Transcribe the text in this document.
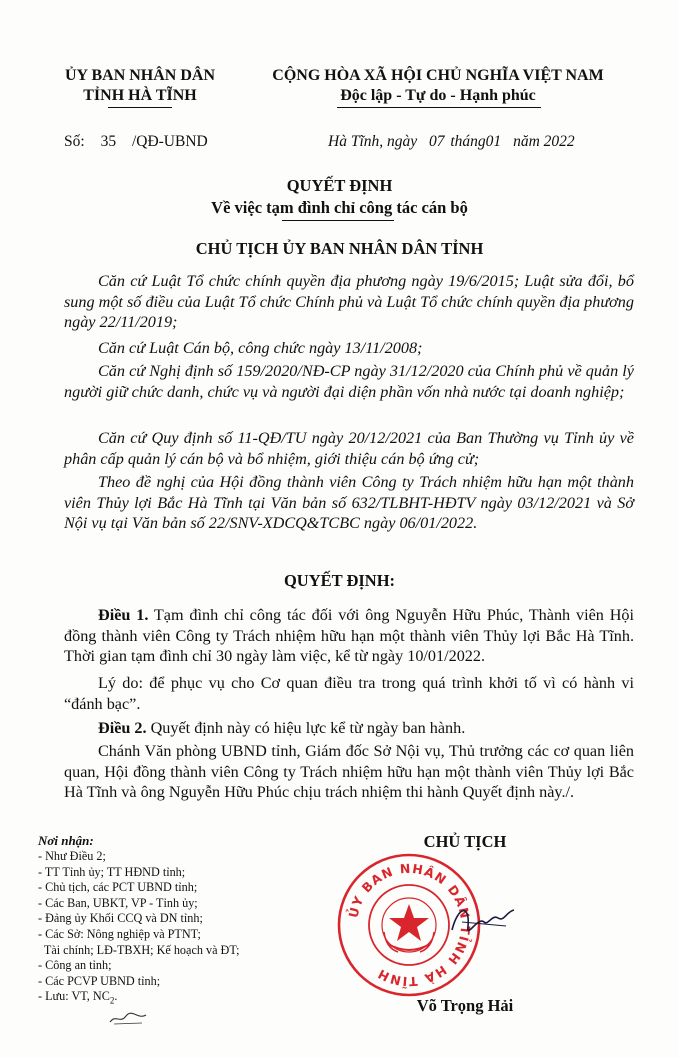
ỦY BAN NHÂN DÂN
TỈNH HÀ TĨNH
CỘNG HÒA XÃ HỘI CHỦ NGHĨA VIỆT NAM
Độc lập - Tự do - Hạnh phúc
Số: 35 /QĐ-UBND	Hà Tĩnh, ngày 07 tháng01 năm 2022
QUYẾT ĐỊNH
Về việc tạm đình chỉ công tác cán bộ
CHỦ TỊCH ỦY BAN NHÂN DÂN TỈNH
Căn cứ Luật Tổ chức chính quyền địa phương ngày 19/6/2015; Luật sửa đổi, bổ sung một số điều của Luật Tổ chức Chính phủ và Luật Tổ chức chính quyền địa phương ngày 22/11/2019;
Căn cứ Luật Cán bộ, công chức ngày 13/11/2008;
Căn cứ Nghị định số 159/2020/NĐ-CP ngày 31/12/2020 của Chính phủ về quản lý người giữ chức danh, chức vụ và người đại diện phần vốn nhà nước tại doanh nghiệp;
Căn cứ Quy định số 11-QĐ/TU ngày 20/12/2021 của Ban Thường vụ Tỉnh ủy về phân cấp quản lý cán bộ và bổ nhiệm, giới thiệu cán bộ ứng cử;
Theo đề nghị của Hội đồng thành viên Công ty Trách nhiệm hữu hạn một thành viên Thủy lợi Bắc Hà Tĩnh tại Văn bản số 632/TLBHT-HĐTV ngày 03/12/2021 và Sở Nội vụ tại Văn bản số 22/SNV-XDCQ&TCBC ngày 06/01/2022.
QUYẾT ĐỊNH:
Điều 1. Tạm đình chỉ công tác đối với ông Nguyễn Hữu Phúc, Thành viên Hội đồng thành viên Công ty Trách nhiệm hữu hạn một thành viên Thủy lợi Bắc Hà Tĩnh. Thời gian tạm đình chỉ 30 ngày làm việc, kể từ ngày 10/01/2022.
Lý do: để phục vụ cho Cơ quan điều tra trong quá trình khởi tố vì có hành vi “đánh bạc”.
Điều 2. Quyết định này có hiệu lực kể từ ngày ban hành.
Chánh Văn phòng UBND tỉnh, Giám đốc Sở Nội vụ, Thủ trưởng các cơ quan liên quan, Hội đồng thành viên Công ty Trách nhiệm hữu hạn một thành viên Thủy lợi Bắc Hà Tĩnh và ông Nguyễn Hữu Phúc chịu trách nhiệm thi hành Quyết định này./.
Nơi nhận:
- Như Điều 2;
- TT Tỉnh ủy; TT HĐND tỉnh;
- Chủ tịch, các PCT UBND tỉnh;
- Các Ban, UBKT, VP - Tỉnh ủy;
- Đảng ủy Khối CCQ và DN tỉnh;
- Các Sở: Nông nghiệp và PTNT;
Tài chính; LĐ-TBXH; Kế hoạch và ĐT;
- Công an tỉnh;
- Các PCVP UBND tỉnh;
- Lưu: VT, $NC_2$.
CHỦ TỊCH
ỦY BAN NHÂN DÂN TỈNH HÀ TĨNH
Võ Trọng Hải
